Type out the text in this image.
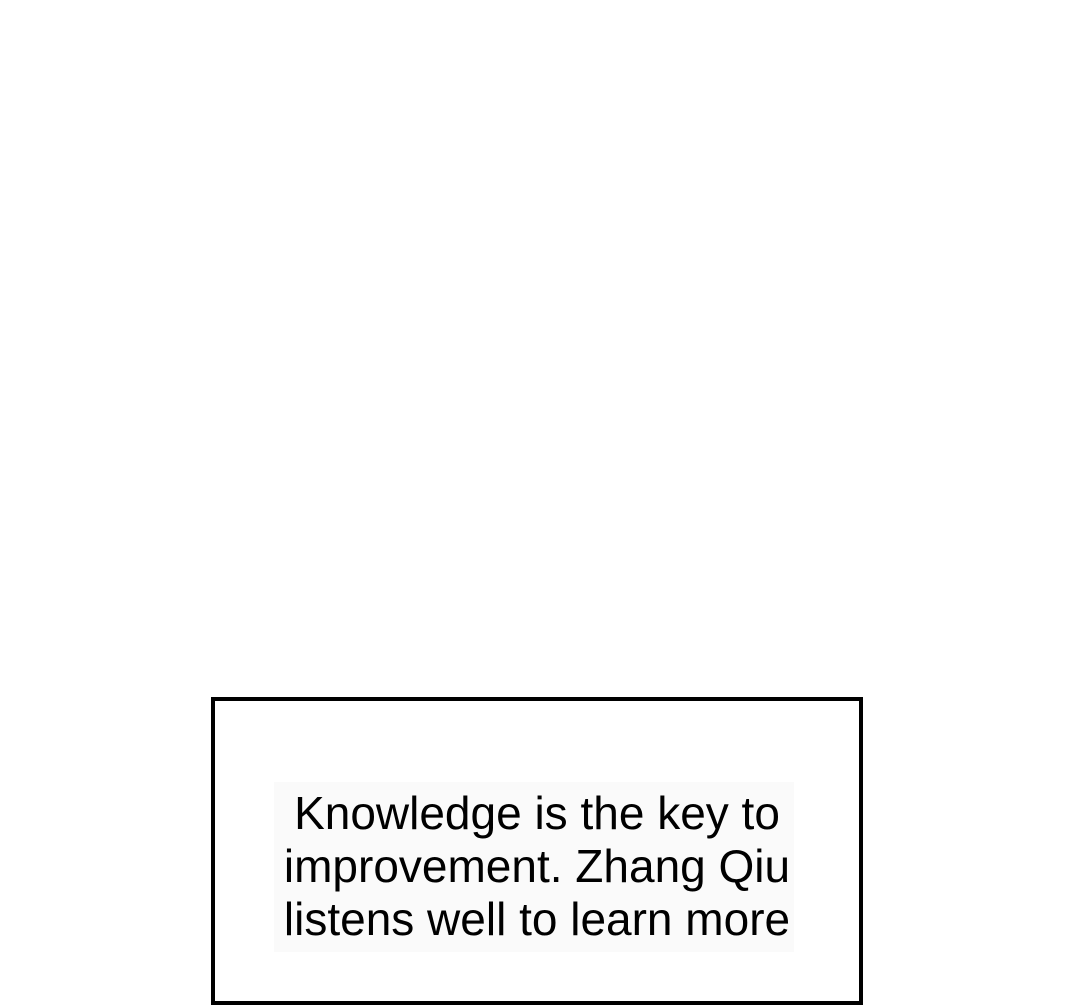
Knowledge is the key to
improvement. Zhang Qiu
listens well to learn more
